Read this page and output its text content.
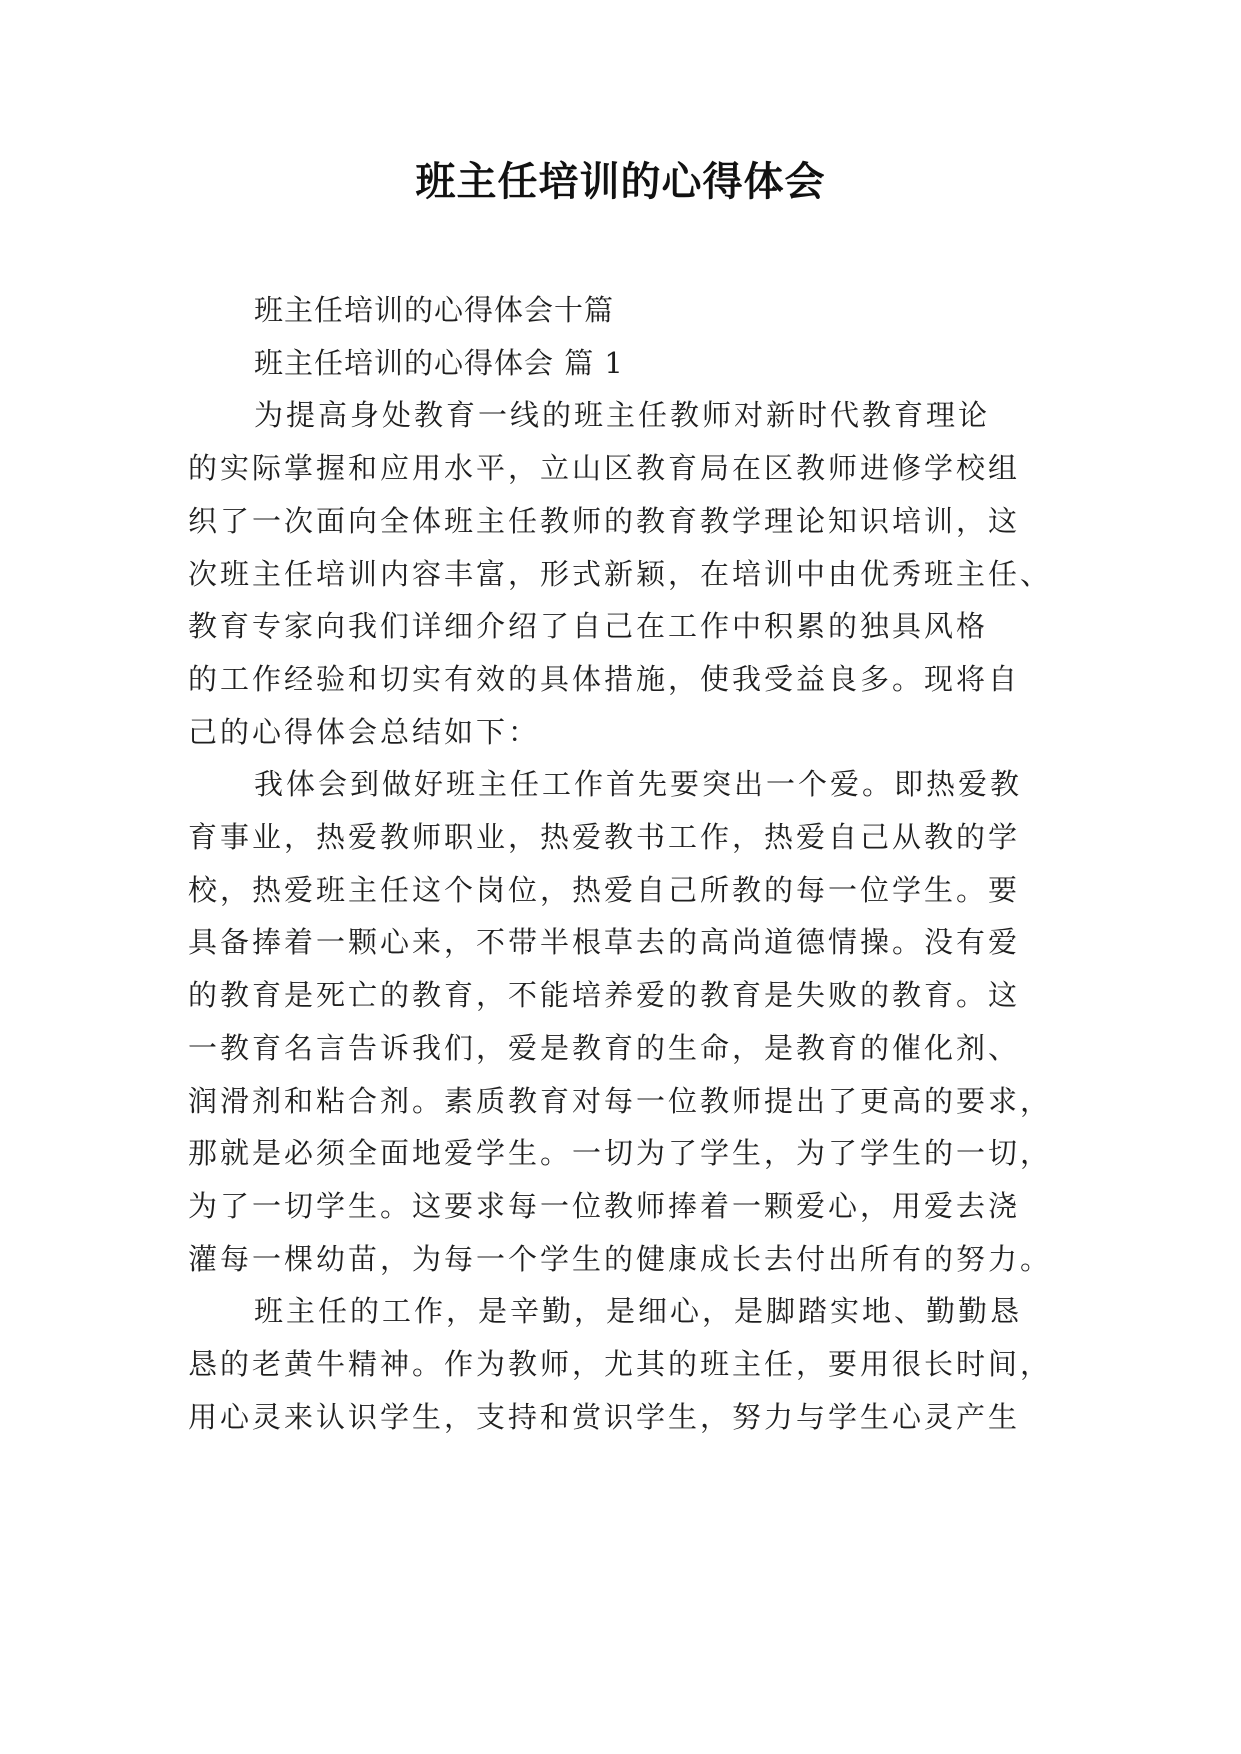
班主任培训的心得体会
班主任培训的心得体会十篇
班主任培训的心得体会 篇 1
为提高身处教育一线的班主任教师对新时代教育理论
的实际掌握和应用水平，立山区教育局在区教师进修学校组
织了一次面向全体班主任教师的教育教学理论知识培训，这
次班主任培训内容丰富，形式新颖，在培训中由优秀班主任、
教育专家向我们详细介绍了自己在工作中积累的独具风格
的工作经验和切实有效的具体措施，使我受益良多。现将自
己的心得体会总结如下：
我体会到做好班主任工作首先要突出一个爱。即热爱教
育事业，热爱教师职业，热爱教书工作，热爱自己从教的学
校，热爱班主任这个岗位，热爱自己所教的每一位学生。要
具备捧着一颗心来，不带半根草去的高尚道德情操。没有爱
的教育是死亡的教育，不能培养爱的教育是失败的教育。这
一教育名言告诉我们，爱是教育的生命，是教育的催化剂、
润滑剂和粘合剂。素质教育对每一位教师提出了更高的要求，
那就是必须全面地爱学生。一切为了学生，为了学生的一切，
为了一切学生。这要求每一位教师捧着一颗爱心，用爱去浇
灌每一棵幼苗，为每一个学生的健康成长去付出所有的努力。
班主任的工作，是辛勤，是细心，是脚踏实地、勤勤恳
恳的老黄牛精神。作为教师，尤其的班主任，要用很长时间，
用心灵来认识学生，支持和赏识学生，努力与学生心灵产生
